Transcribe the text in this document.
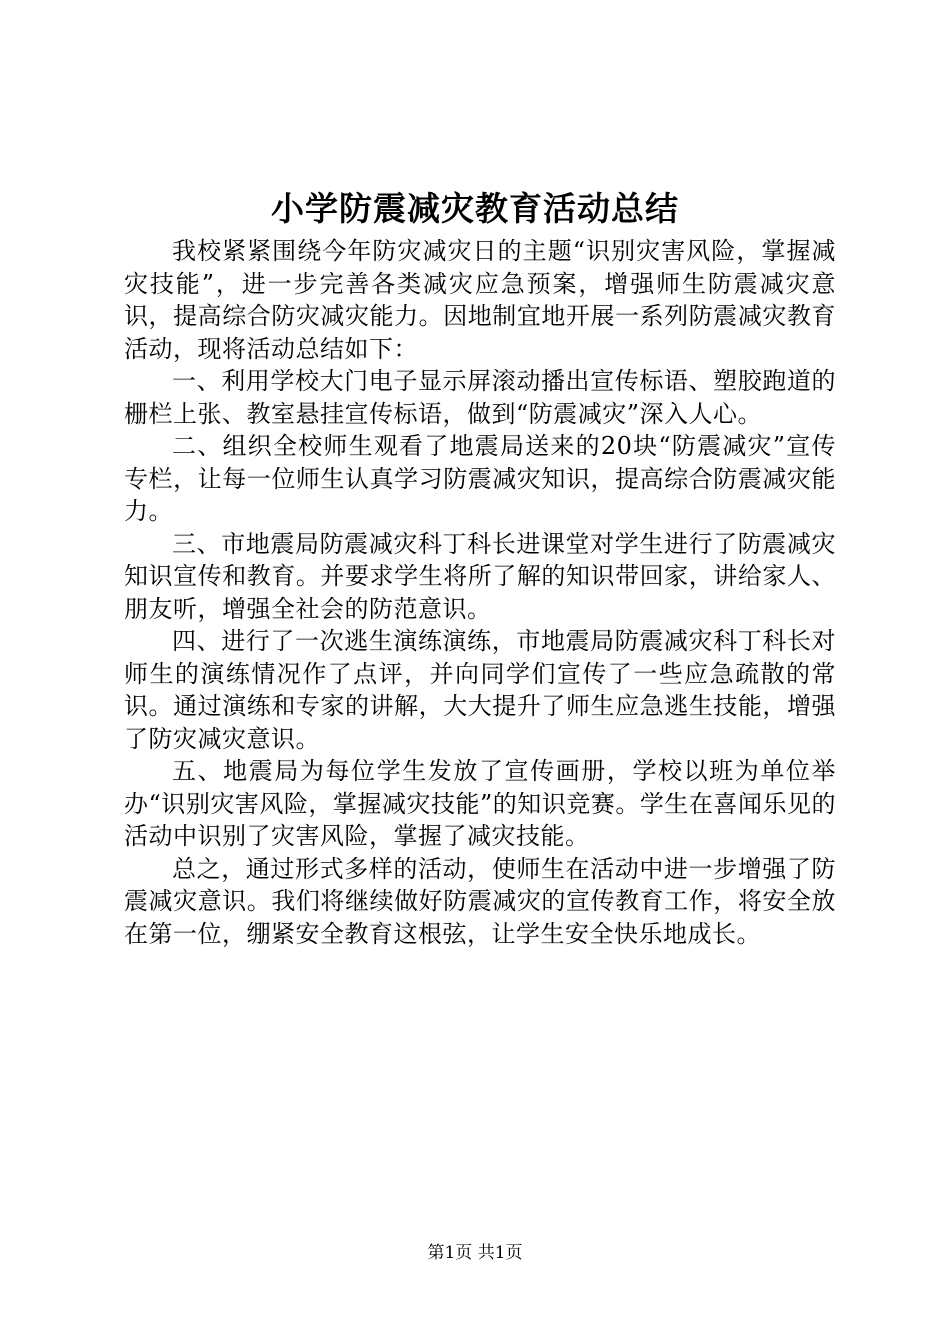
小学防震减灾教育活动总结

我校紧紧围绕今年防灾减灾日的主题“识别灾害风险，掌握减灾技能”，进一步完善各类减灾应急预案，增强师生防震减灾意识，提高综合防灾减灾能力。因地制宜地开展一系列防震减灾教育活动，现将活动总结如下：

一、利用学校大门电子显示屏滚动播出宣传标语、塑胶跑道的栅栏上张、教室悬挂宣传标语，做到“防震减灾”深入人心。

二、组织全校师生观看了地震局送来的20块“防震减灾”宣传专栏，让每一位师生认真学习防震减灾知识，提高综合防震减灾能力。

三、市地震局防震减灾科丁科长进课堂对学生进行了防震减灾知识宣传和教育。并要求学生将所了解的知识带回家，讲给家人、朋友听，增强全社会的防范意识。

四、进行了一次逃生演练演练，市地震局防震减灾科丁科长对师生的演练情况作了点评，并向同学们宣传了一些应急疏散的常识。通过演练和专家的讲解，大大提升了师生应急逃生技能，增强了防灾减灾意识。

五、地震局为每位学生发放了宣传画册，学校以班为单位举办“识别灾害风险，掌握减灾技能”的知识竞赛。学生在喜闻乐见的活动中识别了灾害风险，掌握了减灾技能。

总之，通过形式多样的活动，使师生在活动中进一步增强了防震减灾意识。我们将继续做好防震减灾的宣传教育工作，将安全放在第一位，绷紧安全教育这根弦，让学生安全快乐地成长。

第1页 共1页
